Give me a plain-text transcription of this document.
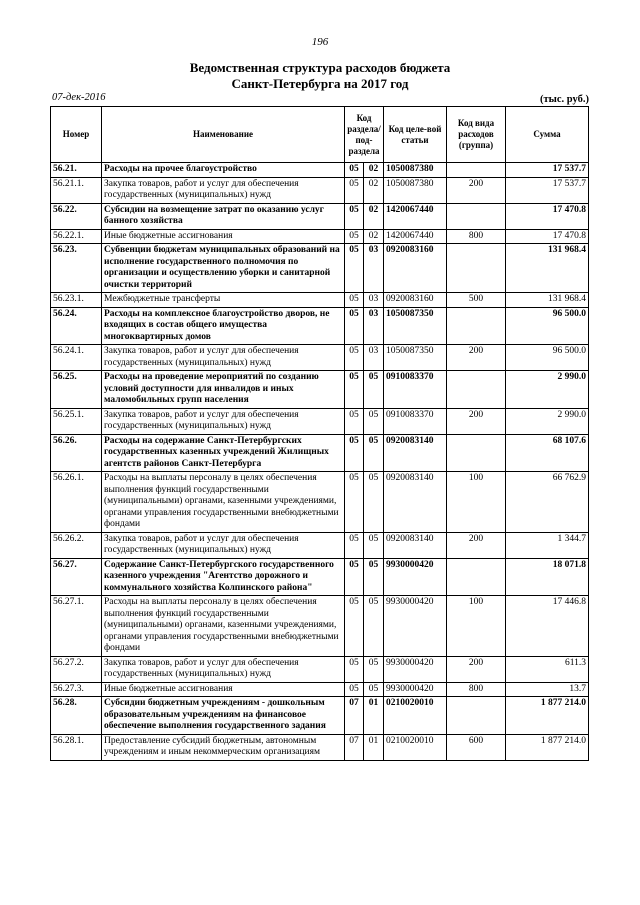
196
Ведомственная структура расходов бюджета
Санкт-Петербурга на 2017 год
07-дек-2016	(тыс. руб.)
Номер	Наименование	Код раздела/ под-раздела		Код целе-вой статьи	Код вида расходов (группа)	Сумма
56.21.	Расходы на прочее благоустройство	05	02	1050087380		17 537.7
56.21.1.	Закупка товаров, работ и услуг для обеспечения государственных (муниципальных) нужд	05	02	1050087380	200	17 537.7
56.22.	Субсидии на возмещение затрат по оказанию услуг банного хозяйства	05	02	1420067440		17 470.8
56.22.1.	Иные бюджетные ассигнования	05	02	1420067440	800	17 470.8
56.23.	Субвенции бюджетам муниципальных образований на исполнение государственного полномочия по организации и осуществлению уборки и санитарной очистки территорий	05	03	0920083160		131 968.4
56.23.1.	Межбюджетные трансферты	05	03	0920083160	500	131 968.4
56.24.	Расходы на комплексное благоустройство дворов, не входящих в состав общего имущества многоквартирных домов	05	03	1050087350		96 500.0
56.24.1.	Закупка товаров, работ и услуг для обеспечения государственных (муниципальных) нужд	05	03	1050087350	200	96 500.0
56.25.	Расходы на проведение мероприятий по созданию условий доступности для инвалидов и иных маломобильных групп населения	05	05	0910083370		2 990.0
56.25.1.	Закупка товаров, работ и услуг для обеспечения государственных (муниципальных) нужд	05	05	0910083370	200	2 990.0
56.26.	Расходы на содержание Санкт-Петербургских государственных казенных учреждений Жилищных агентств районов Санкт-Петербурга	05	05	0920083140		68 107.6
56.26.1.	Расходы на выплаты персоналу в целях обеспечения выполнения функций государственными (муниципальными) органами, казенными учреждениями, органами управления государственными внебюджетными фондами	05	05	0920083140	100	66 762.9
56.26.2.	Закупка товаров, работ и услуг для обеспечения государственных (муниципальных) нужд	05	05	0920083140	200	1 344.7
56.27.	Содержание Санкт-Петербургского государственного казенного учреждения "Агентство дорожного и коммунального хозяйства Колпинского района"	05	05	9930000420		18 071.8
56.27.1.	Расходы на выплаты персоналу в целях обеспечения выполнения функций государственными (муниципальными) органами, казенными учреждениями, органами управления государственными внебюджетными фондами	05	05	9930000420	100	17 446.8
56.27.2.	Закупка товаров, работ и услуг для обеспечения государственных (муниципальных) нужд	05	05	9930000420	200	611.3
56.27.3.	Иные бюджетные ассигнования	05	05	9930000420	800	13.7
56.28.	Субсидии бюджетным учреждениям - дошкольным образовательным учреждениям на финансовое обеспечение выполнения государственного задания	07	01	0210020010		1 877 214.0
56.28.1.	Предоставление субсидий бюджетным, автономным учреждениям и иным некоммерческим организациям	07	01	0210020010	600	1 877 214.0
